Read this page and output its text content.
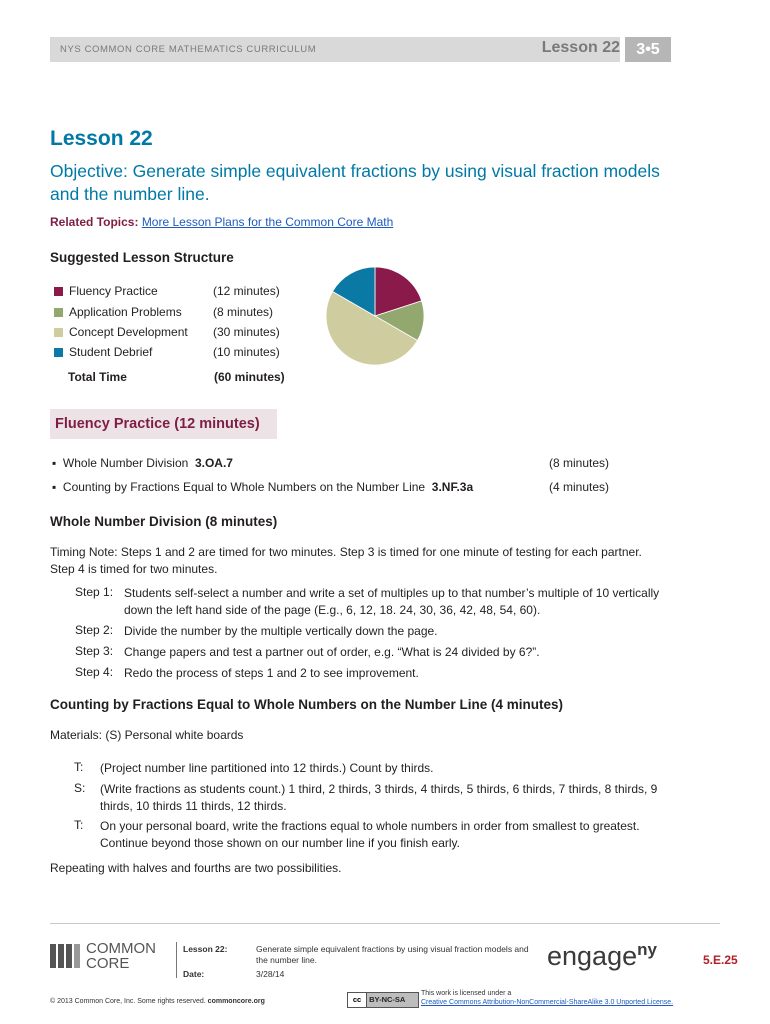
NYS COMMON CORE MATHEMATICS CURRICULUM	Lesson 22	3•5
Lesson 22
Objective: Generate simple equivalent fractions by using visual fraction models and the number line.
Related Topics: More Lesson Plans for the Common Core Math
Suggested Lesson Structure
Fluency Practice	(12 minutes)
Application Problems	(8 minutes)
Concept Development (30 minutes)
Student Debrief	(10 minutes)
Total Time	(60 minutes)
Fluency Practice (12 minutes)
▪  Whole Number Division 3.OA.7	(8 minutes)
▪  Counting by Fractions Equal to Whole Numbers on the Number Line 3.NF.3a	(4 minutes)
Whole Number Division (8 minutes)
Timing Note: Steps 1 and 2 are timed for two minutes. Step 3 is timed for one minute of testing for each partner. Step 4 is timed for two minutes.
Step 1: Students self-select a number and write a set of multiples up to that number’s multiple of 10 vertically down the left hand side of the page (E.g., 6, 12, 18. 24, 30, 36, 42, 48, 54, 60).
Step 2: Divide the number by the multiple vertically down the page.
Step 3: Change papers and test a partner out of order, e.g. “What is 24 divided by 6?”.
Step 4: Redo the process of steps 1 and 2 to see improvement.
Counting by Fractions Equal to Whole Numbers on the Number Line (4 minutes)
Materials: (S) Personal white boards
T: (Project number line partitioned into 12 thirds.) Count by thirds.
S: (Write fractions as students count.) 1 third, 2 thirds, 3 thirds, 4 thirds, 5 thirds, 6 thirds, 7 thirds, 8 thirds, 9 thirds, 10 thirds 11 thirds, 12 thirds.
T: On your personal board, write the fractions equal to whole numbers in order from smallest to greatest. Continue beyond those shown on our number line if you finish early.
Repeating with halves and fourths are two possibilities.
COMMON
CORE
Lesson 22:	Generate simple equivalent fractions by using visual fraction models and the number line.
Date:	3/28/14
engage$^{ny}$
5.E.25
© 2013 Common Core, Inc. Some rights reserved. commoncore.org	cc BY-NC-SA
This work is licensed under a
Creative Commons Attribution-NonCommercial-ShareAlike 3.0 Unported License.
